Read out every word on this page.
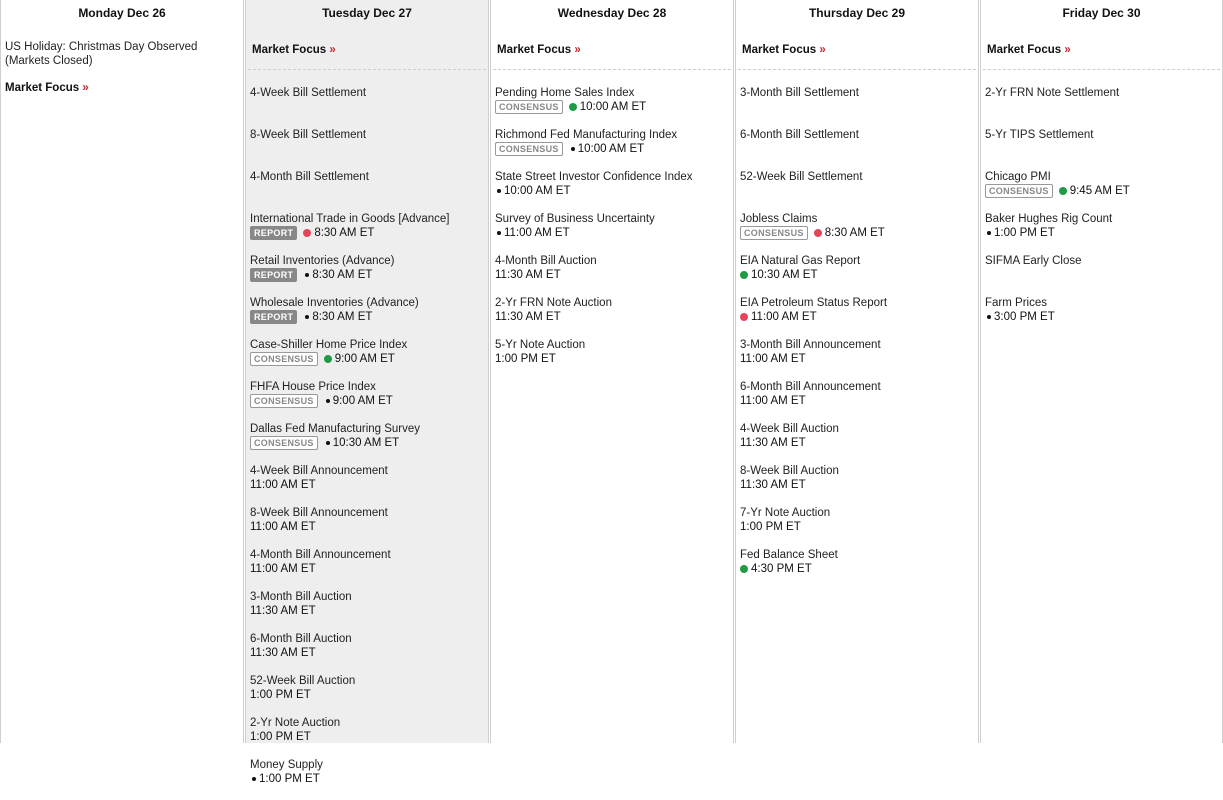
Monday Dec 26
US Holiday: Christmas Day Observed (Markets Closed)
Market Focus »
Tuesday Dec 27
Market Focus »
4-Week Bill Settlement
8-Week Bill Settlement
4-Month Bill Settlement
International Trade in Goods [Advance]
REPORT	8:30 AM ET
Retail Inventories (Advance)
REPORT	8:30 AM ET
Wholesale Inventories (Advance)
REPORT	8:30 AM ET
Case-Shiller Home Price Index
CONSENSUS	9:00 AM ET
FHFA House Price Index
CONSENSUS	9:00 AM ET
Dallas Fed Manufacturing Survey
CONSENSUS	10:30 AM ET
4-Week Bill Announcement
11:00 AM ET
8-Week Bill Announcement
11:00 AM ET
4-Month Bill Announcement
11:00 AM ET
3-Month Bill Auction
11:30 AM ET
6-Month Bill Auction
11:30 AM ET
52-Week Bill Auction
1:00 PM ET
2-Yr Note Auction
1:00 PM ET
Money Supply
1:00 PM ET
Wednesday Dec 28
Market Focus »
Pending Home Sales Index
CONSENSUS	10:00 AM ET
Richmond Fed Manufacturing Index
CONSENSUS	10:00 AM ET
State Street Investor Confidence Index
10:00 AM ET
Survey of Business Uncertainty
11:00 AM ET
4-Month Bill Auction
11:30 AM ET
2-Yr FRN Note Auction
11:30 AM ET
5-Yr Note Auction
1:00 PM ET
Thursday Dec 29
Market Focus »
3-Month Bill Settlement
6-Month Bill Settlement
52-Week Bill Settlement
Jobless Claims
CONSENSUS	8:30 AM ET
EIA Natural Gas Report
10:30 AM ET
EIA Petroleum Status Report
11:00 AM ET
3-Month Bill Announcement
11:00 AM ET
6-Month Bill Announcement
11:00 AM ET
4-Week Bill Auction
11:30 AM ET
8-Week Bill Auction
11:30 AM ET
7-Yr Note Auction
1:00 PM ET
Fed Balance Sheet
4:30 PM ET
Friday Dec 30
Market Focus »
2-Yr FRN Note Settlement
5-Yr TIPS Settlement
Chicago PMI
CONSENSUS	9:45 AM ET
Baker Hughes Rig Count
1:00 PM ET
SIFMA Early Close
Farm Prices
3:00 PM ET
